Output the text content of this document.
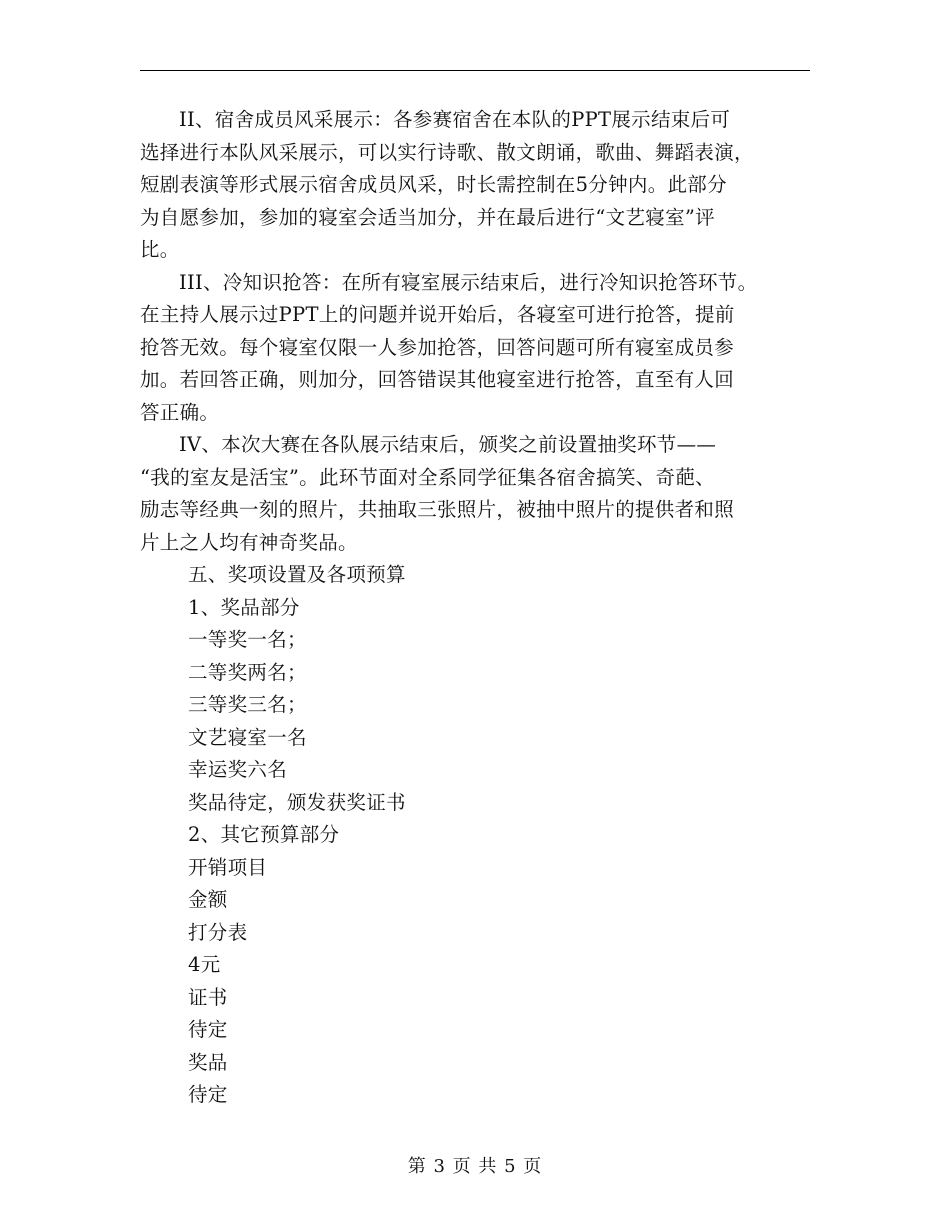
II、宿舍成员风采展示：各参赛宿舍在本队的PPT展示结束后可
选择进行本队风采展示，可以实行诗歌、散文朗诵，歌曲、舞蹈表演，
短剧表演等形式展示宿舍成员风采，时长需控制在5分钟内。此部分
为自愿参加，参加的寝室会适当加分，并在最后进行“文艺寝室”评
比。

III、冷知识抢答：在所有寝室展示结束后，进行冷知识抢答环节。
在主持人展示过PPT上的问题并说开始后，各寝室可进行抢答，提前
抢答无效。每个寝室仅限一人参加抢答，回答问题可所有寝室成员参
加。若回答正确，则加分，回答错误其他寝室进行抢答，直至有人回
答正确。

IV、本次大赛在各队展示结束后，颁奖之前设置抽奖环节——
“我的室友是活宝”。此环节面对全系同学征集各宿舍搞笑、奇葩、
励志等经典一刻的照片，共抽取三张照片，被抽中照片的提供者和照
片上之人均有神奇奖品。

五、奖项设置及各项预算

1、奖品部分

一等奖一名；

二等奖两名；

三等奖三名；

文艺寝室一名

幸运奖六名

奖品待定，颁发获奖证书

2、其它预算部分

开销项目

金额

打分表

4元

证书

待定

奖品

待定

第 3 页 共 5 页
